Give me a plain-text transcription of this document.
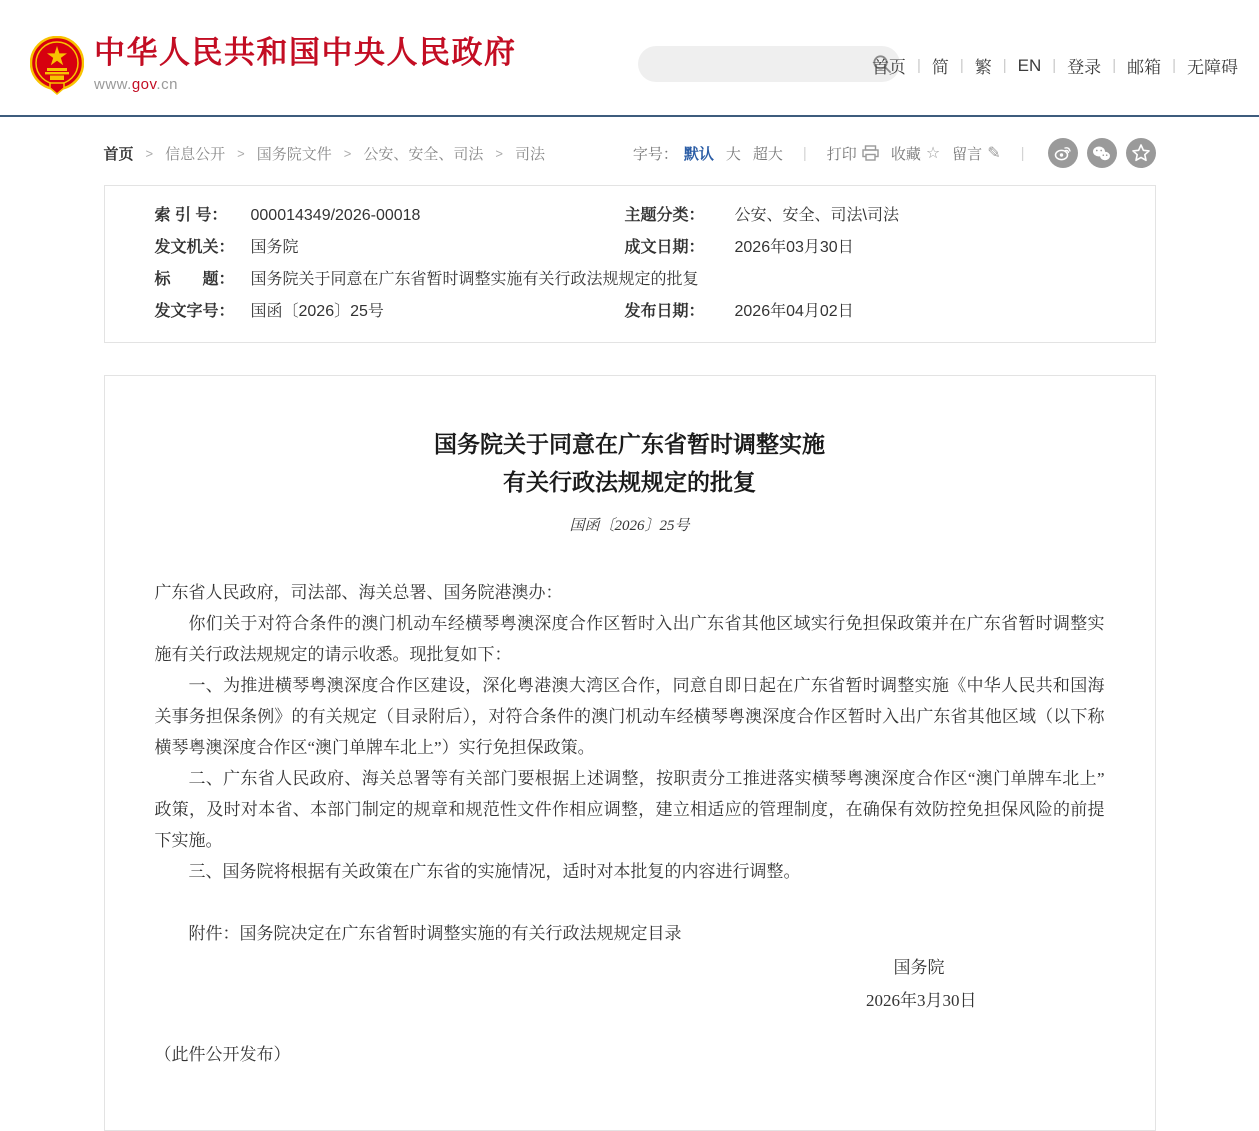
中华人民共和国中央人民政府
www.gov.cn
首页 | 简 | 繁 | EN | 登录 | 邮箱 | 无障碍
首页 > 信息公开 > 国务院文件 > 公安、安全、司法 > 司法	字号： 默认 大 超大 | 打印 收藏 ☆ 留言 ✎ |
索 引 号：	000014349/2026-00018	主题分类：	公安、安全、司法\司法
发文机关：	国务院	成文日期：	2026年03月30日
标　　题：	国务院关于同意在广东省暂时调整实施有关行政法规规定的批复		
发文字号：	国函〔2026〕25号	发布日期：	2026年04月02日
国务院关于同意在广东省暂时调整实施
有关行政法规规定的批复
国函〔2026〕25号

广东省人民政府，司法部、海关总署、国务院港澳办：

你们关于对符合条件的澳门机动车经横琴粤澳深度合作区暂时入出广东省其他区域实行免担保政策并在广东省暂时调整实施有关行政法规规定的请示收悉。现批复如下：

一、为推进横琴粤澳深度合作区建设，深化粤港澳大湾区合作，同意自即日起在广东省暂时调整实施《中华人民共和国海关事务担保条例》的有关规定（目录附后），对符合条件的澳门机动车经横琴粤澳深度合作区暂时入出广东省其他区域（以下称横琴粤澳深度合作区“澳门单牌车北上”）实行免担保政策。

二、广东省人民政府、海关总署等有关部门要根据上述调整，按职责分工推进落实横琴粤澳深度合作区“澳门单牌车北上”政策，及时对本省、本部门制定的规章和规范性文件作相应调整，建立相适应的管理制度，在确保有效防控免担保风险的前提下实施。

三、国务院将根据有关政策在广东省的实施情况，适时对本批复的内容进行调整。

附件：国务院决定在广东省暂时调整实施的有关行政法规规定目录

国务院
2026年3月30日

（此件公开发布）
